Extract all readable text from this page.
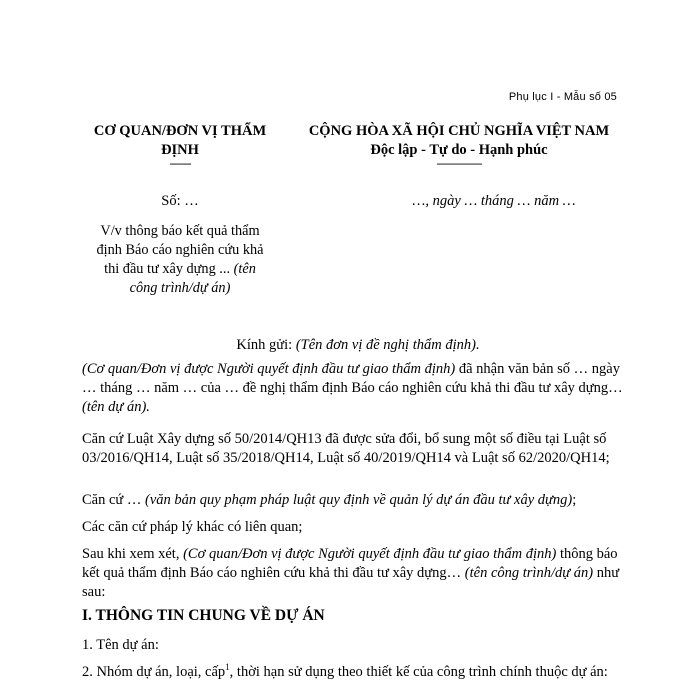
Phụ lục I - Mẫu số 05
CƠ QUAN/ĐƠN VỊ THẨM
ĐỊNH
-------
Số: …
V/v thông báo kết quả thẩm
định Báo cáo nghiên cứu khả
thi đầu tư xây dựng ... (tên
công trình/dự án)
CỘNG HÒA XÃ HỘI CHỦ NGHĨA VIỆT NAM
Độc lập - Tự do - Hạnh phúc
---------------
…, ngày … tháng … năm …
Kính gửi: (Tên đơn vị đề nghị thẩm định).
(Cơ quan/Đơn vị được Người quyết định đầu tư giao thẩm định) đã nhận văn bản số … ngày … tháng … năm … của … đề nghị thẩm định Báo cáo nghiên cứu khả thi đầu tư xây dựng… (tên dự án).
Căn cứ Luật Xây dựng số 50/2014/QH13 đã được sửa đổi, bổ sung một số điều tại Luật số 03/2016/QH14, Luật số 35/2018/QH14, Luật số 40/2019/QH14 và Luật số 62/2020/QH14;
Căn cứ … (văn bản quy phạm pháp luật quy định về quản lý dự án đầu tư xây dựng);
Các căn cứ pháp lý khác có liên quan;
Sau khi xem xét, (Cơ quan/Đơn vị được Người quyết định đầu tư giao thẩm định) thông báo kết quả thẩm định Báo cáo nghiên cứu khả thi đầu tư xây dựng… (tên công trình/dự án) như sau:
I. THÔNG TIN CHUNG VỀ DỰ ÁN
1. Tên dự án:
2. Nhóm dự án, loại, cấp$^1$, thời hạn sử dụng theo thiết kế của công trình chính thuộc dự án:
